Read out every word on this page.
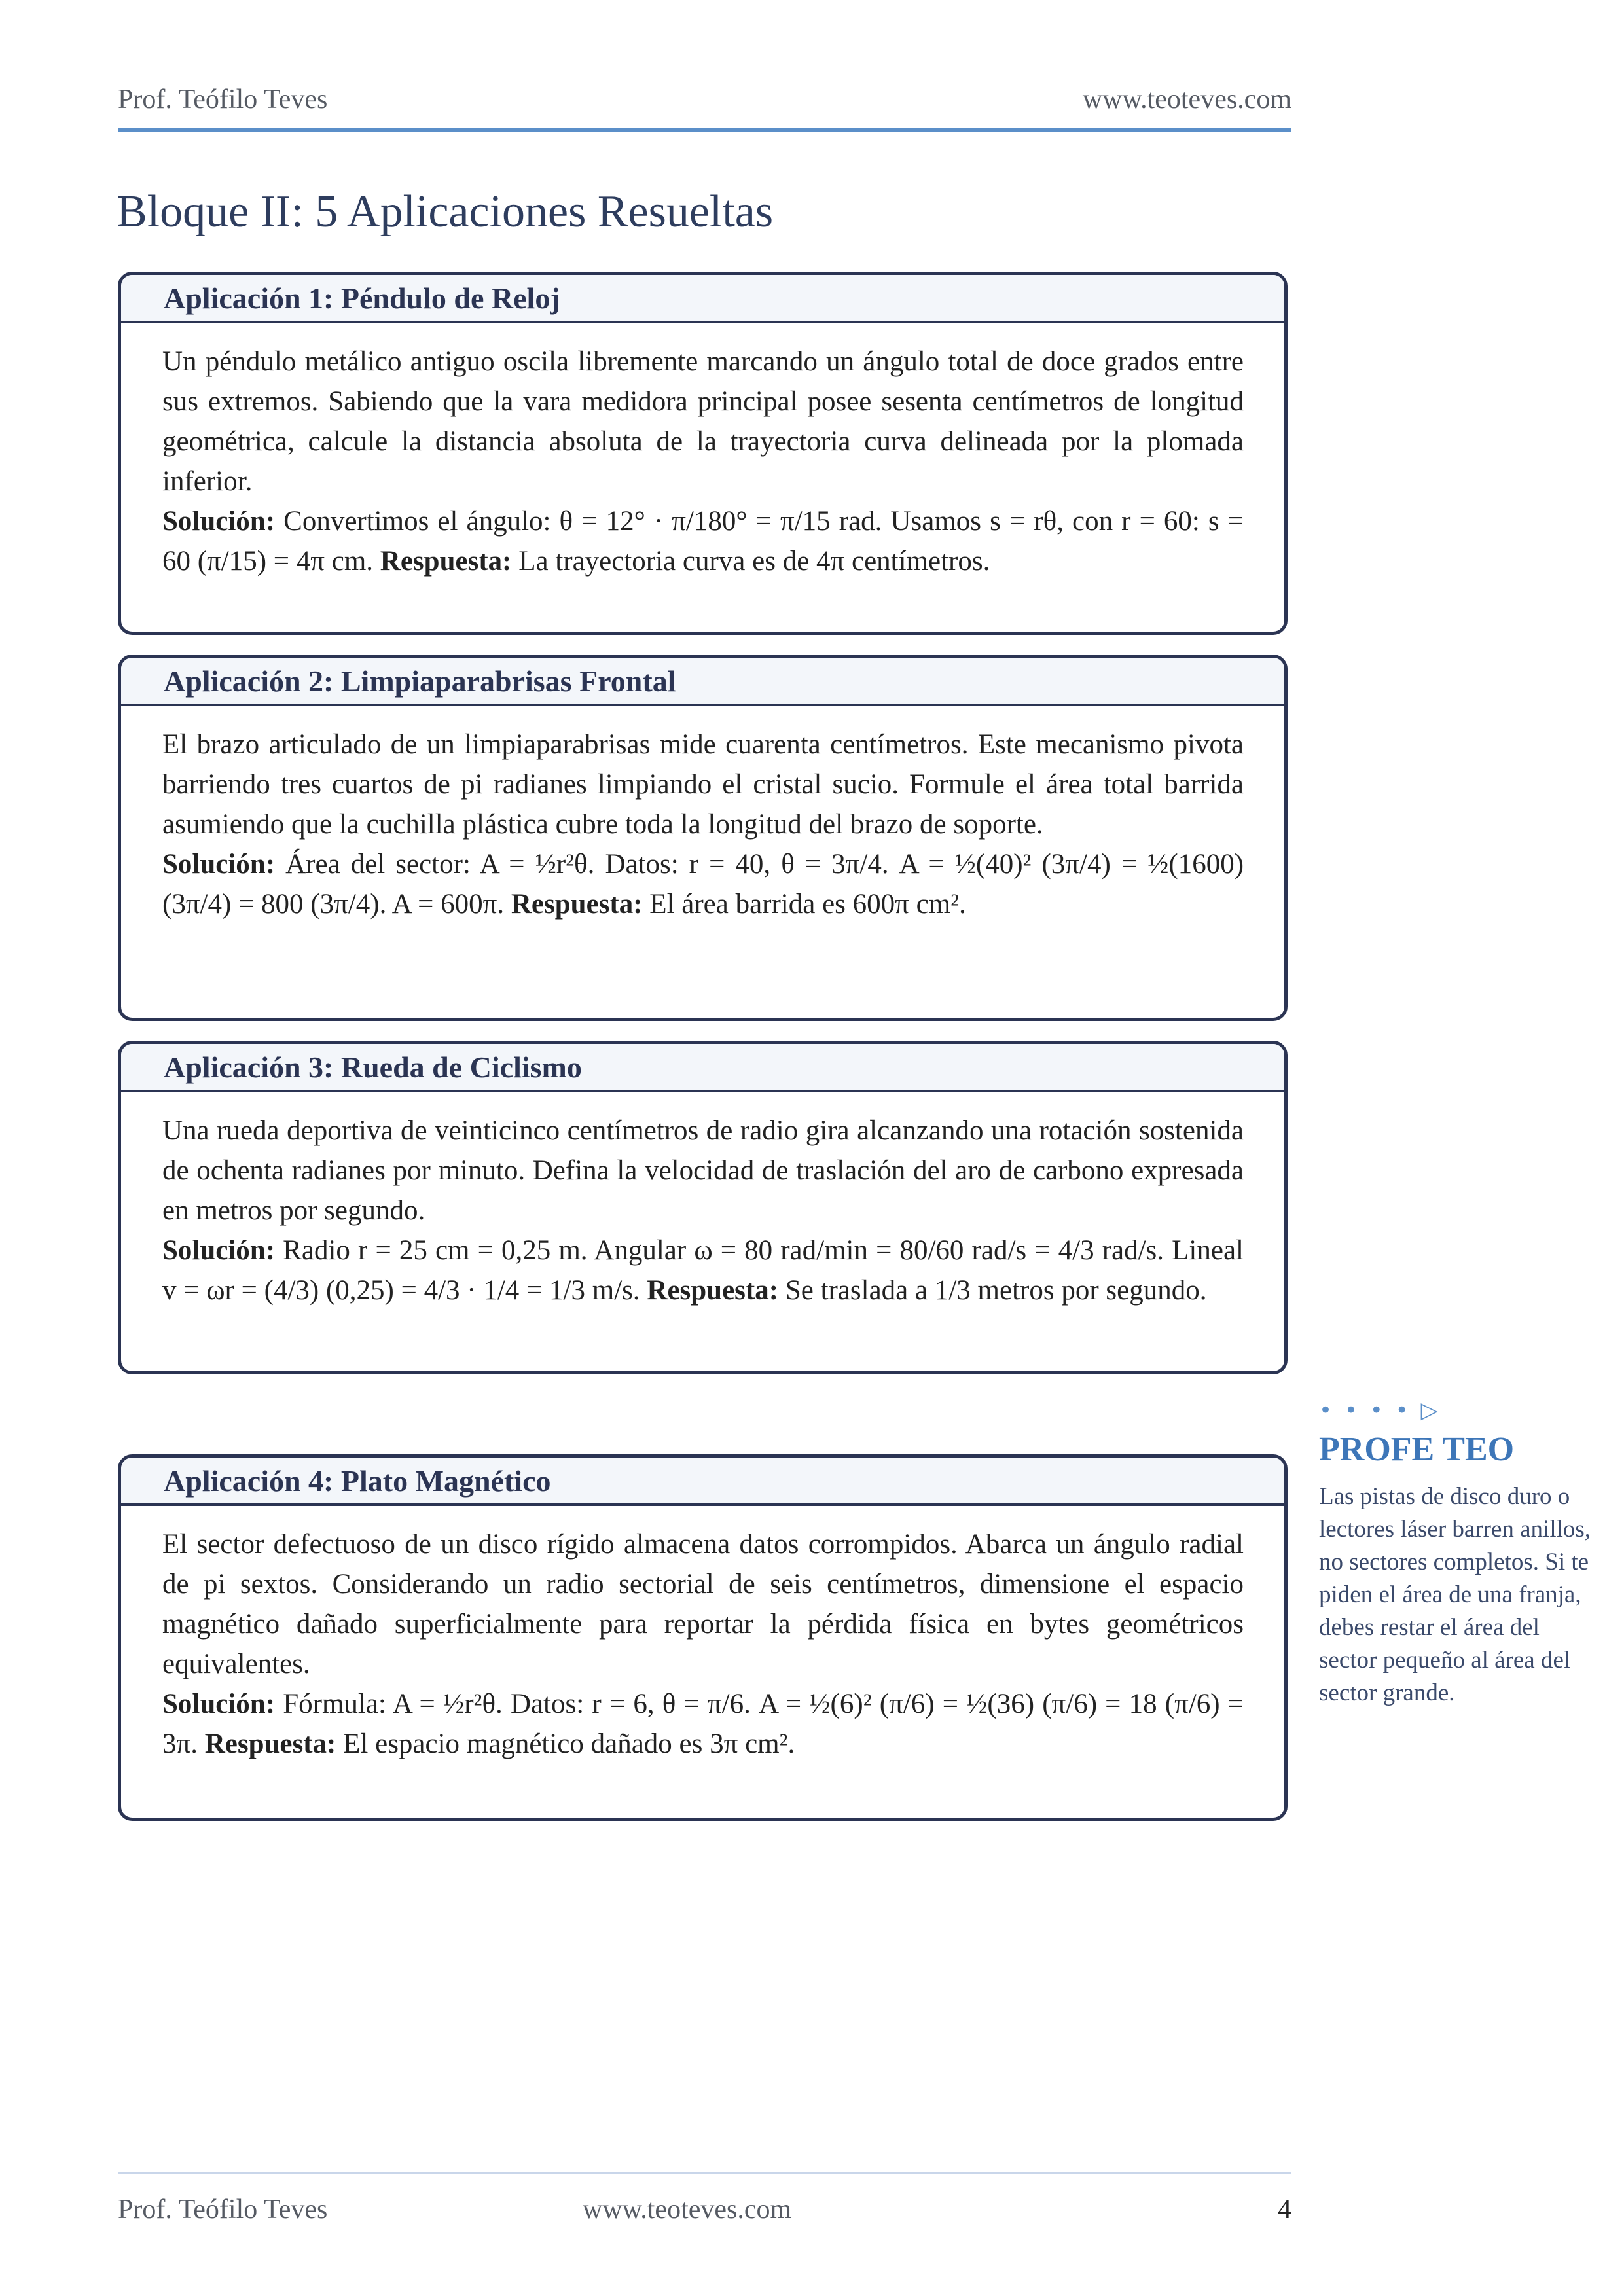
Prof. Teófilo Teves	www.teoteves.com
Bloque II: 5 Aplicaciones Resueltas
Aplicación 1: Péndulo de Reloj

Un péndulo metálico antiguo oscila libremente marcando un ángulo total de doce grados entre sus extremos. Sabiendo que la vara medidora principal posee sesenta centímetros de longitud geométrica, calcule la distancia absoluta de la trayectoria curva delineada por la plomada inferior.

Solución: Convertimos el ángulo: θ = 12° · π/180° = π/15 rad. Usamos s = rθ, con r = 60: s = 60 (π/15) = 4π cm. Respuesta: La trayectoria curva es de 4π centímetros.

Aplicación 2: Limpiaparabrisas Frontal

El brazo articulado de un limpiaparabrisas mide cuarenta centímetros. Este mecanismo pivota barriendo tres cuartos de pi radianes limpiando el cristal sucio. Formule el área total barrida asumiendo que la cuchilla plástica cubre toda la longitud del brazo de soporte.

Solución: Área del sector: A = ½r²θ. Datos: r = 40, θ = 3π/4. A = ½(40)² (3π/4) = ½(1600) (3π/4) = 800 (3π/4). A = 600π. Respuesta: El área barrida es 600π cm².

Aplicación 3: Rueda de Ciclismo

Una rueda deportiva de veinticinco centímetros de radio gira alcanzando una rotación sostenida de ochenta radianes por minuto. Defina la velocidad de traslación del aro de carbono expresada en metros por segundo.

Solución: Radio r = 25 cm = 0,25 m. Angular ω = 80 rad/min = 80/60 rad/s = 4/3 rad/s. Lineal v = ωr = (4/3) (0,25) = 4/3 · 1/4 = 1/3 m/s. Respuesta: Se traslada a 1/3 metros por segundo.

Aplicación 4: Plato Magnético

El sector defectuoso de un disco rígido almacena datos corrompidos. Abarca un ángulo radial de pi sextos. Considerando un radio sectorial de seis centímetros, dimensione el espacio magnético dañado superficialmente para reportar la pérdida física en bytes geométricos equivalentes.

Solución: Fórmula: A = ½r²θ. Datos: r = 6, θ = π/6. A = ½(6)² (π/6) = ½(36) (π/6) = 18 (π/6) = 3π. Respuesta: El espacio magnético dañado es 3π cm².

• • • • ▷
PROFE TEO
Las pistas de disco duro o lectores láser barren anillos, no sectores completos. Si te piden el área de una franja, debes restar el área del sector pequeño al área del sector grande.
Prof. Teófilo Teves	www.teoteves.com	4
